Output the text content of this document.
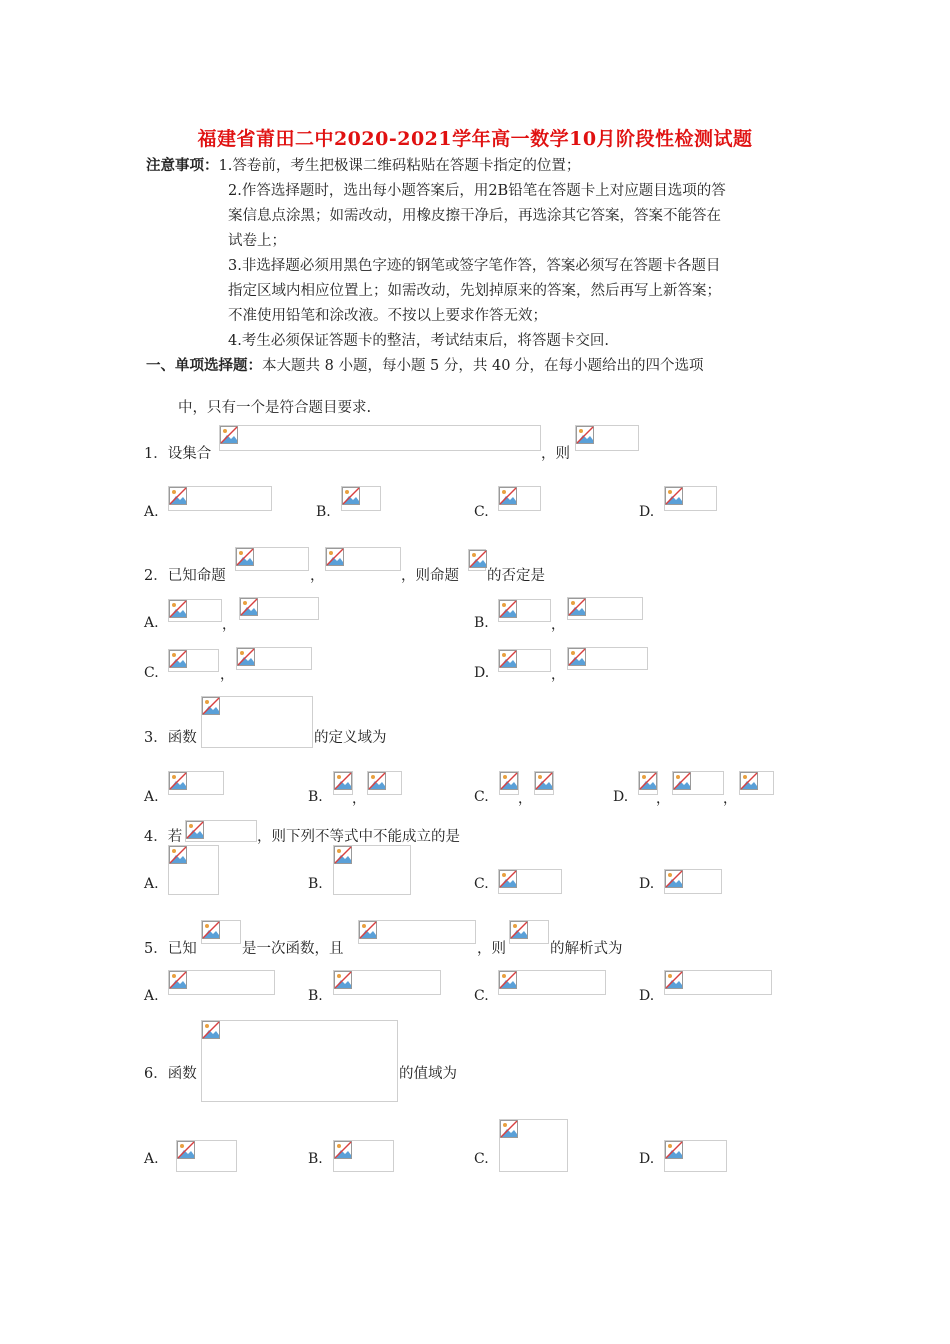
福建省莆田二中2020-2021学年高一数学10月阶段性检测试题
注意事项：1.答卷前，考生把极课二维码粘贴在答题卡指定的位置；
2.作答选择题时，选出每小题答案后，用2B铅笔在答题卡上对应题目选项的答
案信息点涂黑；如需改动，用橡皮擦干净后，再选涂其它答案，答案不能答在
试卷上；
3.非选择题必须用黑色字迹的钢笔或签字笔作答，答案必须写在答题卡各题目
指定区域内相应位置上；如需改动，先划掉原来的答案，然后再写上新答案；
不准使用铅笔和涂改液。不按以上要求作答无效；
4.考生必须保证答题卡的整洁，考试结束后，将答题卡交回.
一、单项选择题：本大题共 8 小题，每小题 5 分，共 40 分，在每小题给出的四个选项
中，只有一个是符合题目要求.
1．设集合	，则
A.	B.	C.	D.
2．已知命题	，	，则命题 的否定是
A.	，	B.	，
C.	，	D.	，
3．函数	的定义域为
A.	B. ，	C. ，	D. ，	，
4．若	，则下列不等式中不能成立的是
A.	B.	C.	D.
5．已知	是一次函数，且	，则	的解析式为
A.	B.	C.	D.
6．函数	的值域为
A.	B.	C.	D.
